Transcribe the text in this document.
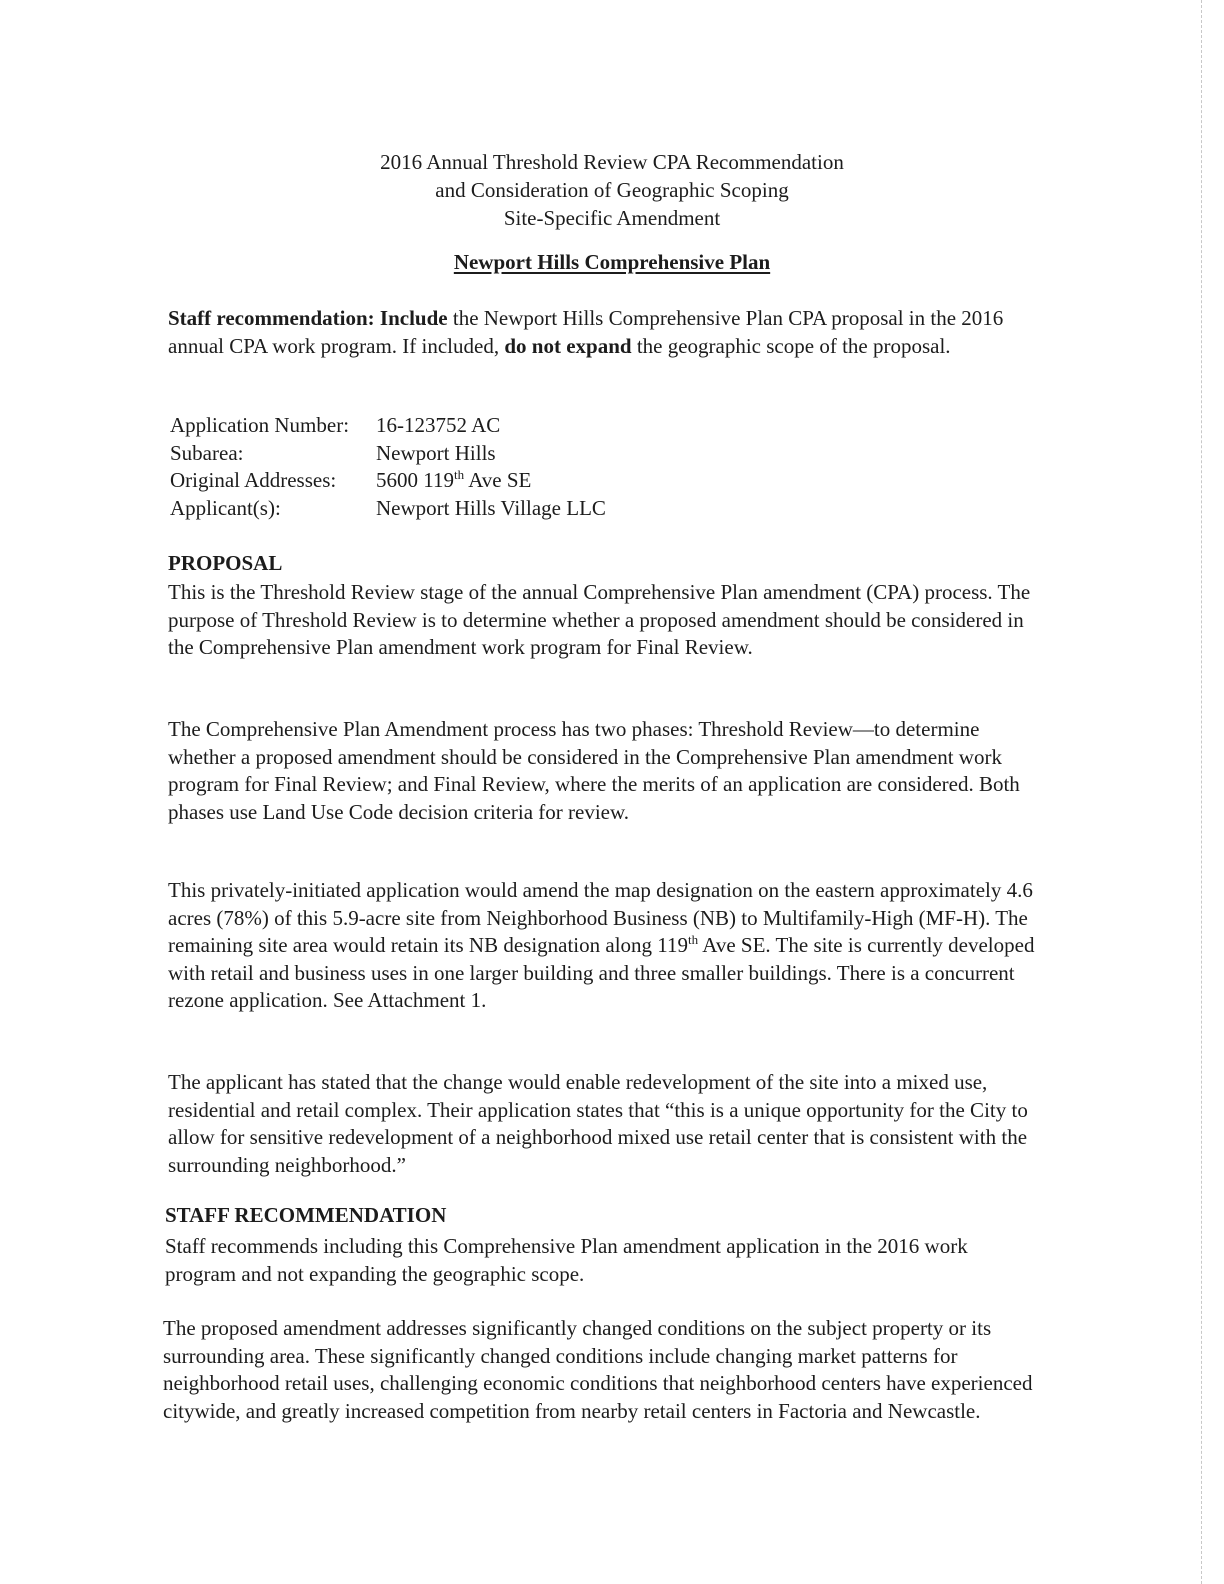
2016 Annual Threshold Review CPA Recommendation
and Consideration of Geographic Scoping
Site-Specific Amendment
Newport Hills Comprehensive Plan

Staff recommendation: Include the Newport Hills Comprehensive Plan CPA proposal in the 2016 annual CPA work program. If included, do not expand the geographic scope of the proposal.

Application Number:	16-123752 AC
Subarea:	Newport Hills
Original Addresses:	5600 119th Ave SE
Applicant(s):	Newport Hills Village LLC
PROPOSAL

This is the Threshold Review stage of the annual Comprehensive Plan amendment (CPA) process. The purpose of Threshold Review is to determine whether a proposed amendment should be considered in the Comprehensive Plan amendment work program for Final Review.

The Comprehensive Plan Amendment process has two phases: Threshold Review—to determine whether a proposed amendment should be considered in the Comprehensive Plan amendment work program for Final Review; and Final Review, where the merits of an application are considered. Both phases use Land Use Code decision criteria for review.

This privately-initiated application would amend the map designation on the eastern approximately 4.6 acres (78%) of this 5.9-acre site from Neighborhood Business (NB) to Multifamily-High (MF-H). The remaining site area would retain its NB designation along 119th Ave SE. The site is currently developed with retail and business uses in one larger building and three smaller buildings. There is a concurrent rezone application. See Attachment 1.

The applicant has stated that the change would enable redevelopment of the site into a mixed use, residential and retail complex. Their application states that “this is a unique opportunity for the City to allow for sensitive redevelopment of a neighborhood mixed use retail center that is consistent with the surrounding neighborhood.”

STAFF RECOMMENDATION

Staff recommends including this Comprehensive Plan amendment application in the 2016 work program and not expanding the geographic scope.

The proposed amendment addresses significantly changed conditions on the subject property or its surrounding area. These significantly changed conditions include changing market patterns for neighborhood retail uses, challenging economic conditions that neighborhood centers have experienced citywide, and greatly increased competition from nearby retail centers in Factoria and Newcastle.
